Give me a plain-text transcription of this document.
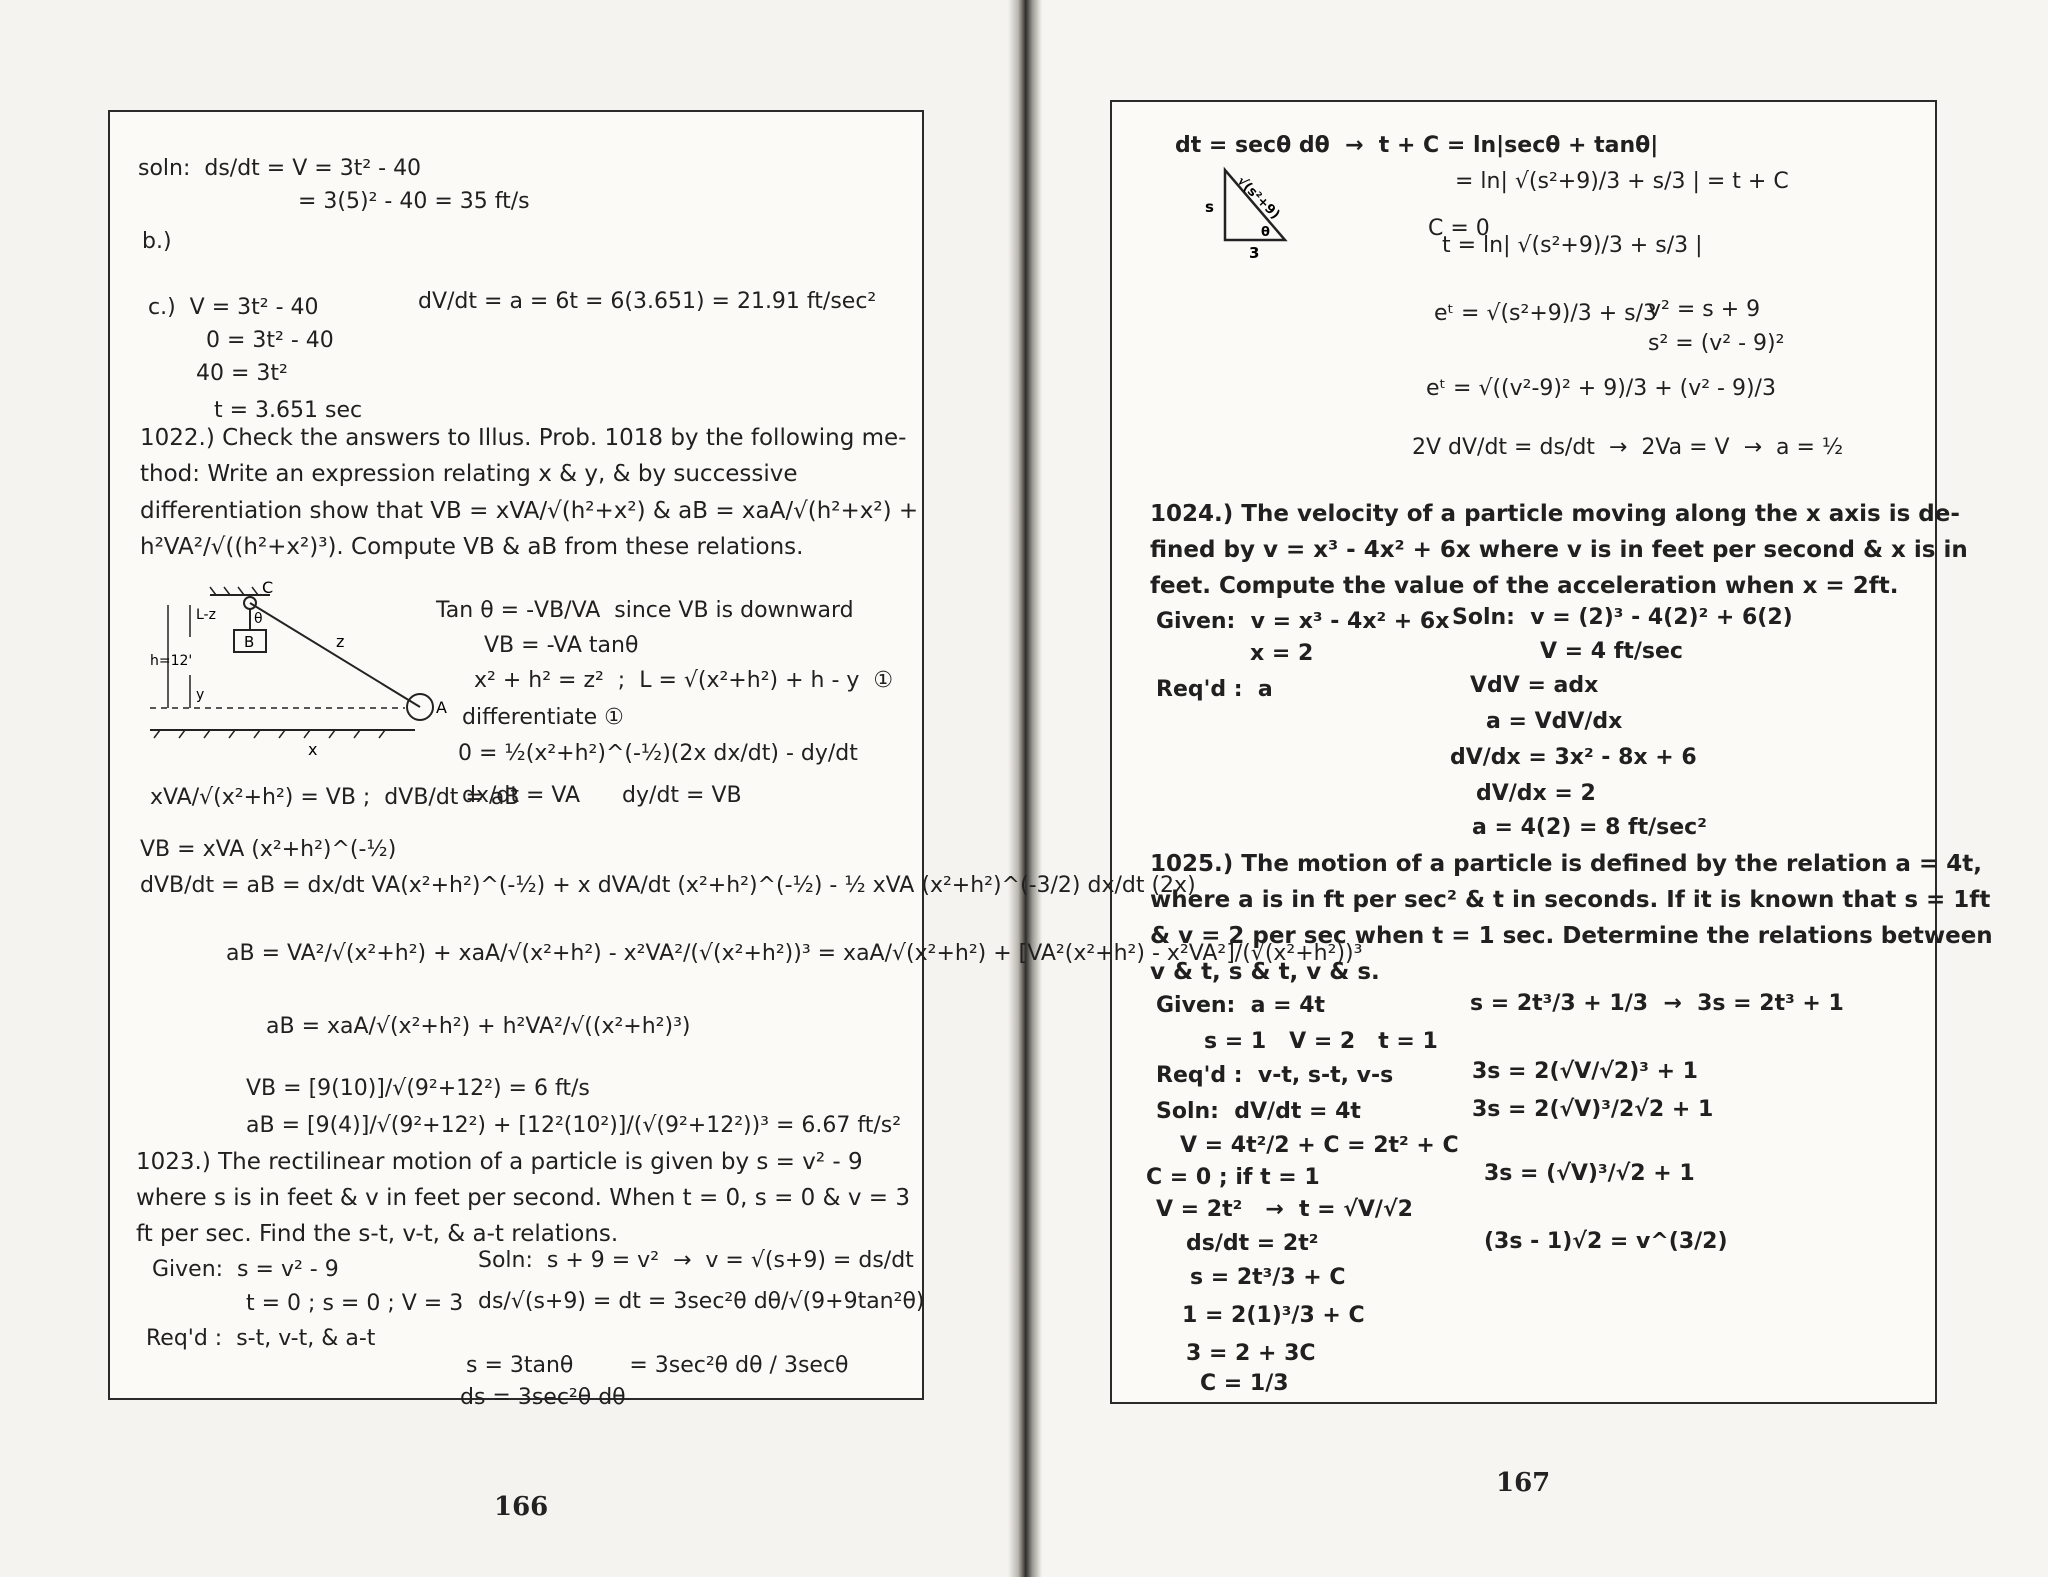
soln:  ds/dt = V = 3t² - 40
= 3(5)² - 40 = 35 ft/s
b.)
c.)  V = 3t² - 40	dV/dt = a = 6t = 6(3.651) = 21.91 ft/sec²
0 = 3t² - 40
40 = 3t²
t = 3.651 sec
1022.) Check the answers to Illus. Prob. 1018 by the following me-
thod: Write an expression relating x & y, & by successive
differentiation show that VB = xVA/√(h²+x²) & aB = xaA/√(h²+x²) +
h²VA²/√((h²+x²)³). Compute VB & aB from these relations.
Tan θ = -VB/VA  since VB is downward
VB = -VA tanθ
x² + h² = z²  ;  L = √(x²+h²) + h - y  ①
differentiate ①
0 = ½(x²+h²)^(-½)(2x dx/dt) - dy/dt
xVA/√(x²+h²) = VB ;  dVB/dt = aB
dx/dt = VA      dy/dt = VB
VB = xVA (x²+h²)^(-½)
dVB/dt = aB = dx/dt VA(x²+h²)^(-½) + x dVA/dt (x²+h²)^(-½) - ½ xVA (x²+h²)^(-3/2) dx/dt (2x)
aB = VA²/√(x²+h²) + xaA/√(x²+h²) - x²VA²/(√(x²+h²))³ = xaA/√(x²+h²) + [VA²(x²+h²) - x²VA²]/(√(x²+h²))³
aB = xaA/√(x²+h²) + h²VA²/√((x²+h²)³)
VB = [9(10)]/√(9²+12²) = 6 ft/s
aB = [9(4)]/√(9²+12²) + [12²(10²)]/(√(9²+12²))³ = 6.67 ft/s²
1023.) The rectilinear motion of a particle is given by s = v² - 9
where s is in feet & v in feet per second. When t = 0, s = 0 & v = 3
ft per sec. Find the s-t, v-t, & a-t relations.
Given:  s = v² - 9	Soln:  s + 9 = v²  →  v = √(s+9) = ds/dt
t = 0 ; s = 0 ; V = 3 ds/√(s+9) = dt = 3sec²θ dθ/√(9+9tan²θ)
Req'd :  s-t, v-t, & a-t
s = 3tanθ        = 3sec²θ dθ / 3secθ
ds = 3sec²θ dθ
dt = secθ dθ  →  t + C = ln|secθ + tanθ|
= ln| √(s²+9)/3 + s/3 | = t + C
C = 0
t = ln| √(s²+9)/3 + s/3 |
eᵗ = √(s²+9)/3 + s/3
v² = s + 9
s² = (v² - 9)²
eᵗ = √((v²-9)² + 9)/3 + (v² - 9)/3
2V dV/dt = ds/dt  →  2Va = V  →  a = ½
1024.) The velocity of a particle moving along the x axis is de-
fined by v = x³ - 4x² + 6x where v is in feet per second & x is in
feet. Compute the value of the acceleration when x = 2ft.
Given:  v = x³ - 4x² + 6x Soln:  v = (2)³ - 4(2)² + 6(2)
x = 2	V = 4 ft/sec
Req'd :  a	VdV = adx
a = VdV/dx
dV/dx = 3x² - 8x + 6
dV/dx = 2
a = 4(2) = 8 ft/sec²
1025.) The motion of a particle is defined by the relation a = 4t,
where a is in ft per sec² & t in seconds. If it is known that s = 1ft
& v = 2 per sec when t = 1 sec. Determine the relations between
v & t, s & t, v & s.
Given:  a = 4t	s = 2t³/3 + 1/3  →  3s = 2t³ + 1
s = 1   V = 2   t = 1
Req'd :  v-t, s-t, v-s	3s = 2(√V/√2)³ + 1
Soln:  dV/dt = 4t	3s = 2(√V)³/2√2 + 1
V = 4t²/2 + C = 2t² + C
C = 0 ; if t = 1	3s = (√V)³/√2 + 1
V = 2t²   →  t = √V/√2
ds/dt = 2t²	(3s - 1)√2 = v^(3/2)
s = 2t³/3 + C
1 = 2(1)³/3 + C
3 = 2 + 3C
C = 1/3
C
θ
L-z
B
h=12'
y
z
A
x
√(s²+9)
s
θ
3
166
167
